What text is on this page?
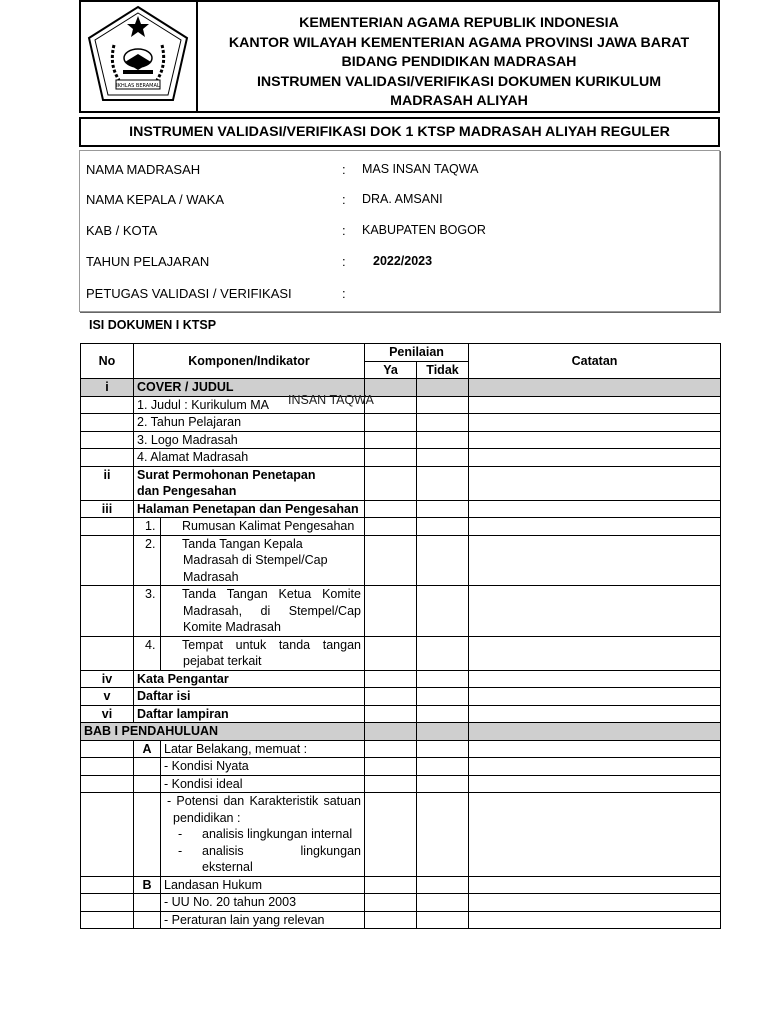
IKHLAS BERAMAL
KEMENTERIAN AGAMA REPUBLIK INDONESIA
KANTOR WILAYAH KEMENTERIAN AGAMA PROVINSI JAWA BARAT
BIDANG PENDIDIKAN MADRASAH
INSTRUMEN VALIDASI/VERIFIKASI DOKUMEN KURIKULUM
MADRASAH ALIYAH
INSTRUMEN VALIDASI/VERIFIKASI DOK 1 KTSP MADRASAH ALIYAH REGULER
NAMA MADRASAH	: MAS INSAN TAQWA
NAMA KEPALA / WAKA	: DRA. AMSANI
KAB / KOTA	: KABUPATEN BOGOR
TAHUN PELAJARAN	: 2022/2023
PETUGAS VALIDASI / VERIFIKASI	:
ISI DOKUMEN I KTSP
No	Komponen/Indikator		Penilaian		Catatan
			Ya	Tidak	
i	COVER / JUDUL				
	1. Judul : Kurikulum MA				
	2. Tahun Pelajaran				
	3. Logo Madrasah				
	4. Alamat Madrasah				
ii	Surat Permohonan Penetapan dan Pengesahan				
iii	Halaman Penetapan dan Pengesahan				
		1. Rumusan Kalimat Pengesahan			
		2. Tanda Tangan Kepala Madrasah di Stempel/Cap Madrasah			
		3. Tanda Tangan Ketua Komite Madrasah, di Stempel/Cap Komite Madrasah			
		4. Tempat untuk tanda tangan pejabat terkait			
iv	Kata Pengantar				
v	Daftar isi				
vi	Daftar lampiran				
BAB I PENDAHULUAN					
	A	Latar Belakang, memuat :			
		- Kondisi Nyata			
		- Kondisi ideal			

		- Potensi dan Karakteristik satuan pendidikan :
- analisis lingkungan internal
- analisis lingkungan eksternal			

	B	Landasan Hukum			
		- UU No. 20 tahun 2003			
		- Peraturan lain yang relevan			
INSAN TAQWA
